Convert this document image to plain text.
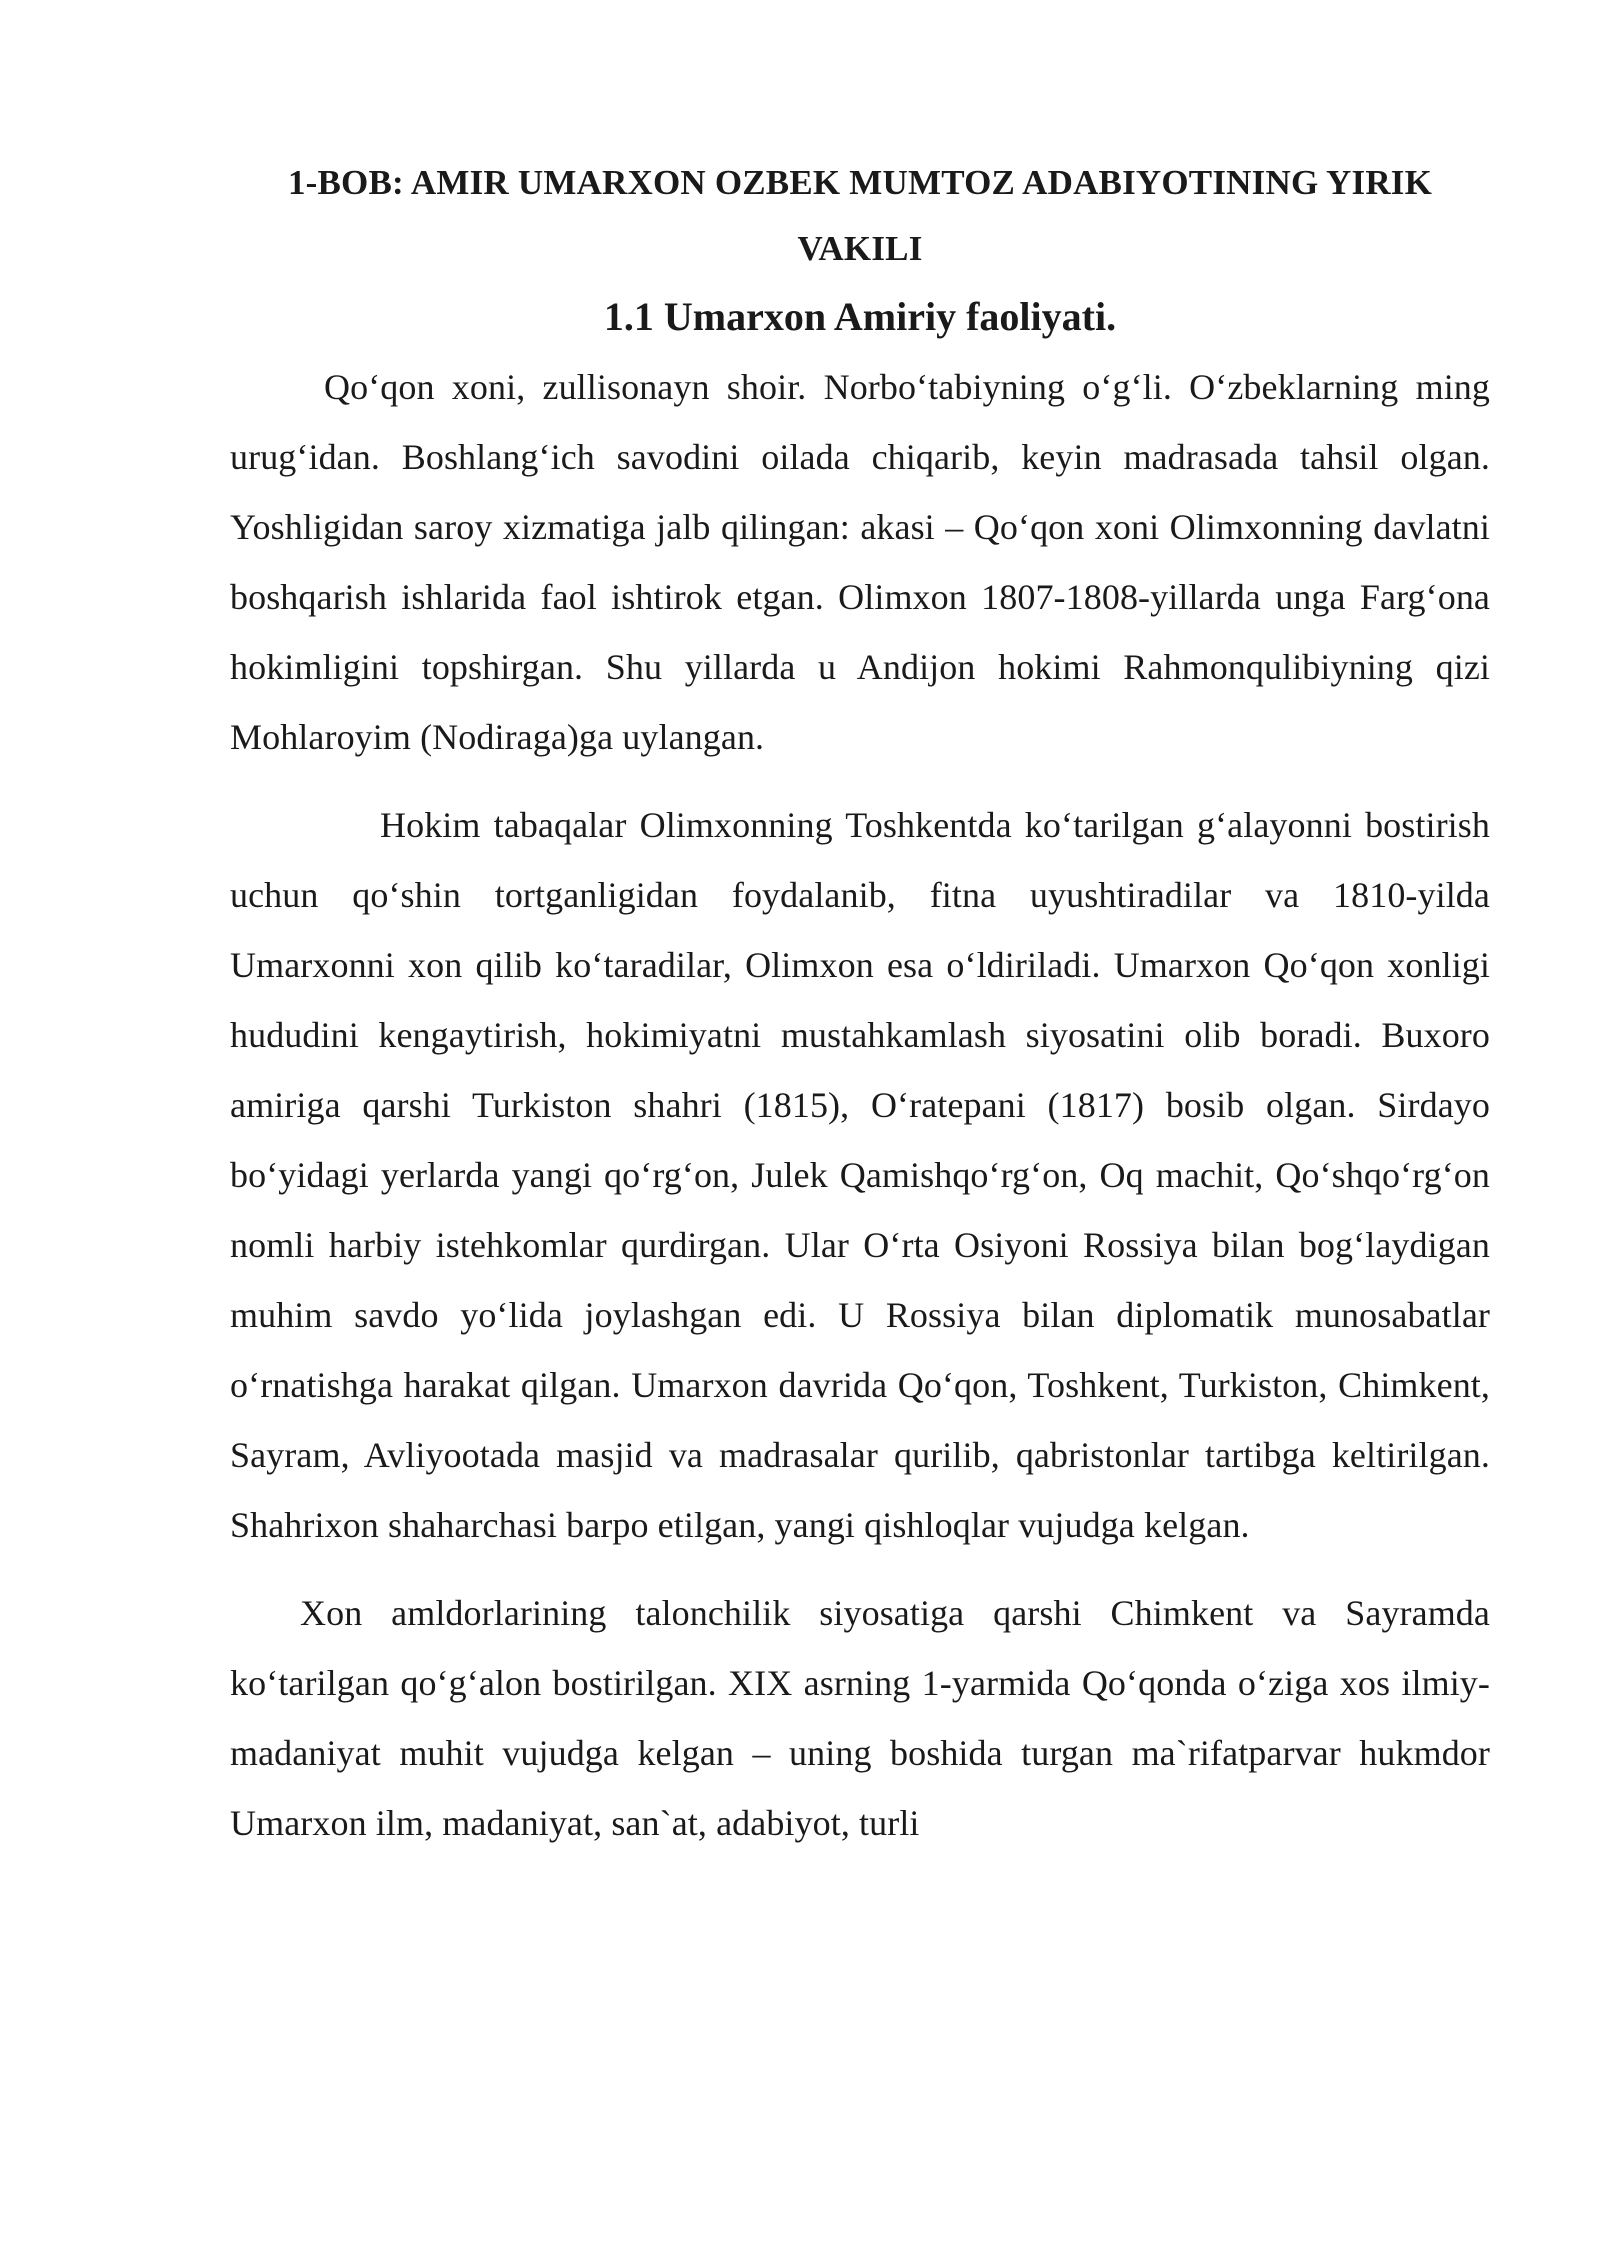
1-BOB: AMIR UMARXON OZBEK MUMTOZ ADABIYOTINING YIRIK VAKILI
1.1 Umarxon Amiriy faoliyati.

Qo‘qon xoni, zullisonayn shoir. Norbo‘tabiyning o‘g‘li. O‘zbeklarning ming urug‘idan. Boshlang‘ich savodini oilada chiqarib, keyin madrasada tahsil olgan. Yoshligidan saroy xizmatiga jalb qilingan: akasi – Qo‘qon xoni Olimxonning davlatni boshqarish ishlarida faol ishtirok etgan. Olimxon 1807-1808-yillarda unga Farg‘ona hokimligini topshirgan. Shu yillarda u Andijon hokimi Rahmonqulibiyning qizi Mohlaroyim (Nodiraga)ga uylangan.

Hokim tabaqalar Olimxonning Toshkentda ko‘tarilgan g‘alayonni bostirish uchun qo‘shin tortganligidan foydalanib, fitna uyushtiradilar va 1810-yilda Umarxonni xon qilib ko‘taradilar, Olimxon esa o‘ldiriladi. Umarxon Qo‘qon xonligi hududini kengaytirish, hokimiyatni mustahkamlash siyosatini olib boradi. Buxoro amiriga qarshi Turkiston shahri (1815), O‘ratepani (1817) bosib olgan. Sirdayo bo‘yidagi yerlarda yangi qo‘rg‘on, Julek Qamishqo‘rg‘on, Oq machit, Qo‘shqo‘rg‘on nomli harbiy istehkomlar qurdirgan. Ular O‘rta Osiyoni Rossiya bilan bog‘laydigan muhim savdo yo‘lida joylashgan edi. U Rossiya bilan diplomatik munosabatlar o‘rnatishga harakat qilgan. Umarxon davrida Qo‘qon, Toshkent, Turkiston, Chimkent, Sayram, Avliyootada masjid va madrasalar qurilib, qabristonlar tartibga keltirilgan. Shahrixon shaharchasi barpo etilgan, yangi qishloqlar vujudga kelgan.

Xon amldorlarining talonchilik siyosatiga qarshi Chimkent va Sayramda ko‘tarilgan qo‘g‘alon bostirilgan. XIX asrning 1-yarmida Qo‘qonda o‘ziga xos ilmiy-madaniyat muhit vujudga kelgan – uning boshida turgan ma`rifatparvar hukmdor Umarxon ilm, madaniyat, san`at, adabiyot, turli
